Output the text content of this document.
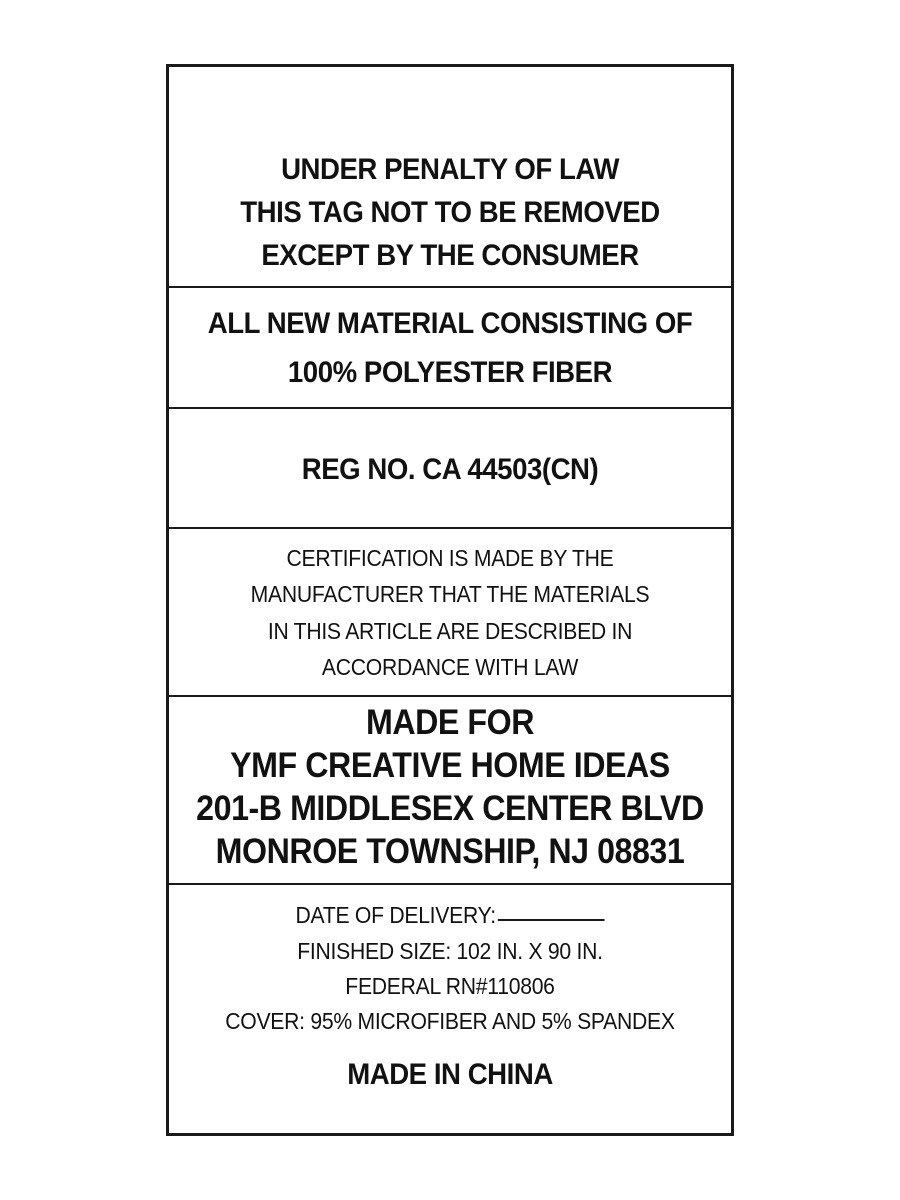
UNDER PENALTY OF LAW
THIS TAG NOT TO BE REMOVED
EXCEPT BY THE CONSUMER
ALL NEW MATERIAL CONSISTING OF
100% POLYESTER FIBER
REG NO. CA 44503(CN)
CERTIFICATION IS MADE BY THE
MANUFACTURER THAT THE MATERIALS
IN THIS ARTICLE ARE DESCRIBED IN
ACCORDANCE WITH LAW
MADE FOR
YMF CREATIVE HOME IDEAS
201-B MIDDLESEX CENTER BLVD
MONROE TOWNSHIP, NJ 08831
DATE OF DELIVERY:
FINISHED SIZE: 102 IN. X 90 IN.
FEDERAL RN#110806
COVER: 95% MICROFIBER AND 5% SPANDEX
MADE IN CHINA
